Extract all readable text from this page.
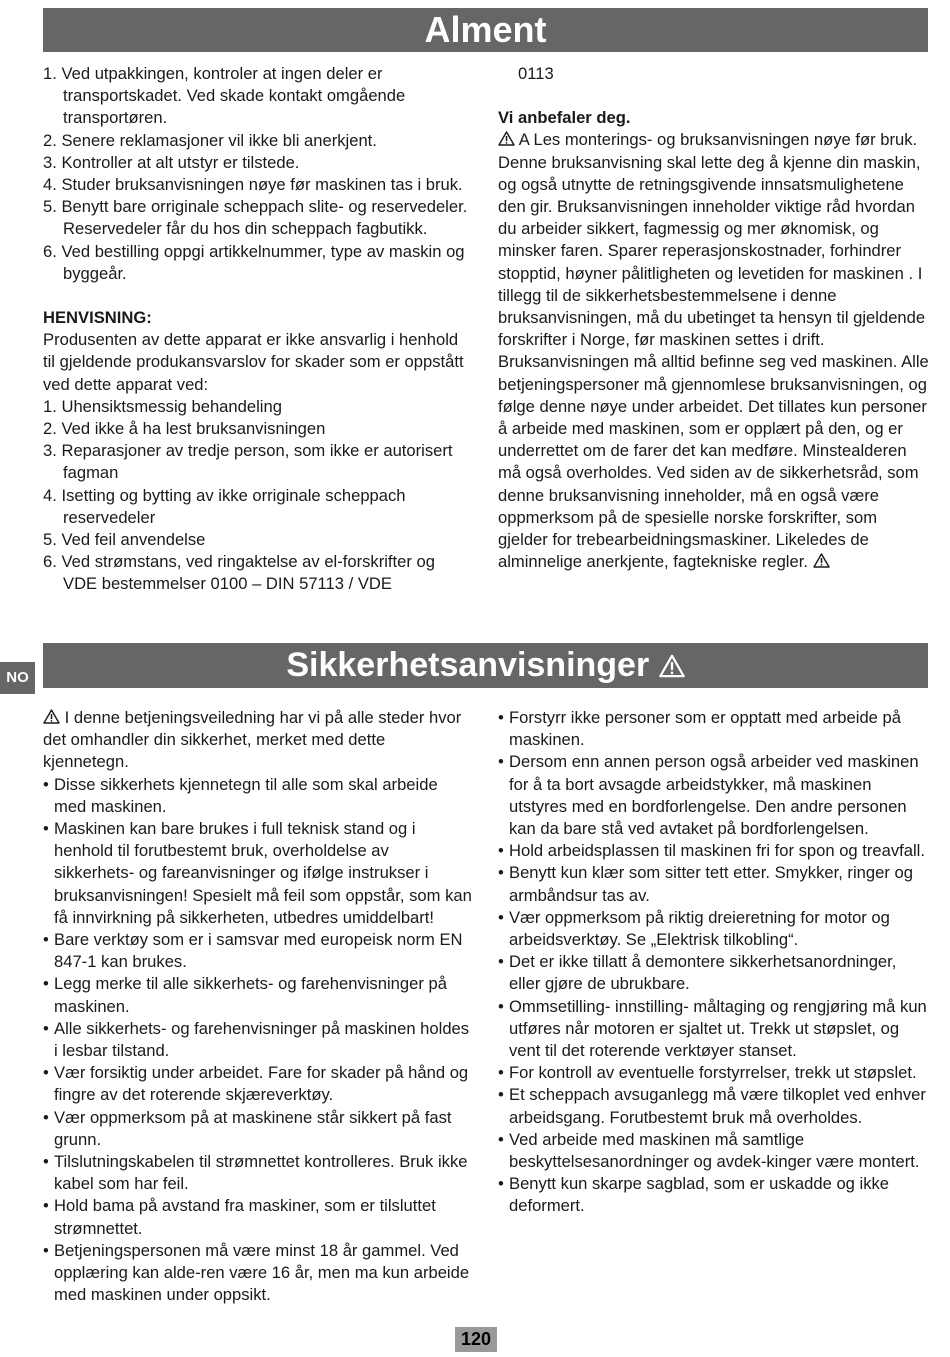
Alment
1. Ved utpakkingen, kontroler at ingen deler er transportskadet. Ved skade kontakt omgående transportøren.
2. Senere reklamasjoner vil ikke bli anerkjent.
3. Kontroller at alt utstyr er tilstede.
4. Studer bruksanvisningen nøye før maskinen tas i bruk.
5. Benytt bare orriginale scheppach slite- og reservedeler. Reservedeler får du hos din scheppach fagbutikk.
6. Ved bestilling oppgi artikkelnummer, type av maskin og byggeår.

HENVISNING:

Produsenten av dette apparat er ikke ansvarlig i henhold til gjeldende produkansvarslov for skader som er oppstått ved dette apparat ved:

1. Uhensiktsmessig behandeling
2. Ved ikke å ha lest bruksanvisningen
3. Reparasjoner av tredje person, som ikke er autorisert fagman
4. Isetting og bytting av ikke orriginale scheppach reservedeler
5. Ved feil anvendelse
6. Ved strømstans, ved ringaktelse av el-forskrifter og VDE bestemmelser 0100 – DIN 57113 / VDE

0113

Vi anbefaler deg.

A Les monterings- og bruksanvisningen nøye før bruk.

Denne bruksanvisning skal lette deg å kjenne din maskin, og også utnytte de retningsgivende innsatsmulighetene den gir. Bruksanvisningen inneholder viktige råd hvordan du arbeider sikkert, fagmessig og mer øknomisk, og minsker faren. Sparer reperasjonskostnader, forhindrer stopptid, høyner pålitligheten og levetiden for maskinen . I tillegg til de sikkerhetsbestemmelsene i denne bruksanvisningen, må du ubetinget ta hensyn til gjeldende forskrifter i Norge, før maskinen settes i drift. Bruksanvisningen må alltid befinne seg ved maskinen. Alle betjeningspersoner må gjennomlese bruksanvisningen, og følge denne nøye under arbeidet. Det tillates kun personer å arbeide med maskinen, som er opplært på den, og er underrettet om de farer det kan medføre. Minstealderen må også overholdes. Ved siden av de sikkerhetsråd, som denne bruksanvisning inneholder, må en også være oppmerksom på de spesielle norske forskrifter, som gjelder for trebearbeidningsmaskiner. Likeledes de alminnelige anerkjente, fagtekniske regler.

NO	Sikkerhetsanvisninger

I denne betjeningsveiledning har vi på alle steder hvor det omhandler din sikkerhet, merket med dette kjennetegn.

• Disse sikkerhets kjennetegn til alle som skal arbeide med maskinen.
• Maskinen kan bare brukes i full teknisk stand og i henhold til forutbestemt bruk, overholdelse av sikkerhets- og fareanvisninger og ifølge instrukser i bruksanvisningen! Spesielt må feil som oppstår, som kan få innvirkning på sikkerheten, utbedres umiddelbart!
• Bare verktøy som er i samsvar med europeisk norm EN 847-1 kan brukes.
• Legg merke til alle sikkerhets- og farehenvisninger på maskinen.
• Alle sikkerhets- og farehenvisninger på maskinen holdes i lesbar tilstand.
• Vær forsiktig under arbeidet. Fare for skader på hånd og fingre av det roterende skjæreverktøy.
• Vær oppmerksom på at maskinene står sikkert på fast grunn.
• Tilslutningskabelen til strømnettet kontrolleres. Bruk ikke kabel som har feil.
• Hold bama på avstand fra maskiner, som er tilsluttet strømnettet.
• Betjeningspersonen må være minst 18 år gammel. Ved opplæring kan alde-ren være 16 år, men ma kun arbeide med maskinen under oppsikt.
• Forstyrr ikke personer som er opptatt med arbeide på maskinen.
• Dersom enn annen person også arbeider ved maskinen for å ta bort avsagde arbeidstykker, må maskinen utstyres med en bordforlengelse. Den andre personen kan da bare stå ved avtaket på bordforlengelsen.
• Hold arbeidsplassen til maskinen fri for spon og treavfall.
• Benytt kun klær som sitter tett etter. Smykker, ringer og armbåndsur tas av.
• Vær oppmerksom på riktig dreieretning for motor og arbeidsverktøy. Se „Elektrisk tilkobling“.
• Det er ikke tillatt å demontere sikkerhetsanordninger, eller gjøre de ubrukbare.
• Ommsetilling- innstilling- måltaging og rengjøring må kun utføres når motoren er sjaltet ut. Trekk ut støpslet, og vent til det roterende verktøyer stanset.
• For kontroll av eventuelle forstyrrelser, trekk ut støpslet.
• Et scheppach avsuganlegg må være tilkoplet ved enhver arbeidsgang. Forutbestemt bruk må overholdes.
• Ved arbeide med maskinen må samtlige beskyttelsesanordninger og avdek-kinger være montert.
• Benytt kun skarpe sagblad, som er uskadde og ikke deformert.
120
